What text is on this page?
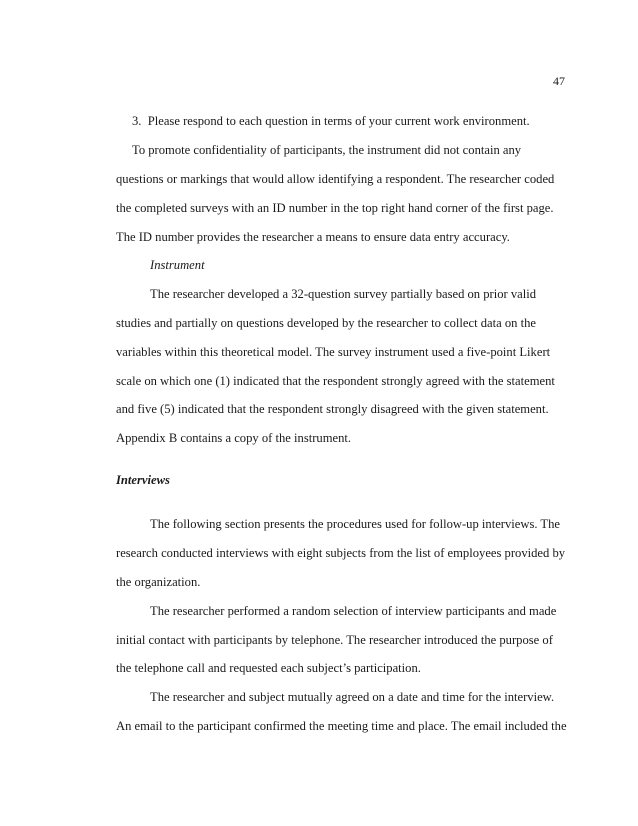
47
3. Please respond to each question in terms of your current work environment.
To promote confidentiality of participants, the instrument did not contain any
questions or markings that would allow identifying a respondent. The researcher coded
the completed surveys with an ID number in the top right hand corner of the first page.
The ID number provides the researcher a means to ensure data entry accuracy.
Instrument
The researcher developed a 32-question survey partially based on prior valid
studies and partially on questions developed by the researcher to collect data on the
variables within this theoretical model. The survey instrument used a five-point Likert
scale on which one (1) indicated that the respondent strongly agreed with the statement
and five (5) indicated that the respondent strongly disagreed with the given statement.
Appendix B contains a copy of the instrument.
Interviews
The following section presents the procedures used for follow-up interviews. The
research conducted interviews with eight subjects from the list of employees provided by
the organization.
The researcher performed a random selection of interview participants and made
initial contact with participants by telephone. The researcher introduced the purpose of
the telephone call and requested each subject’s participation.
The researcher and subject mutually agreed on a date and time for the interview.
An email to the participant confirmed the meeting time and place. The email included the
